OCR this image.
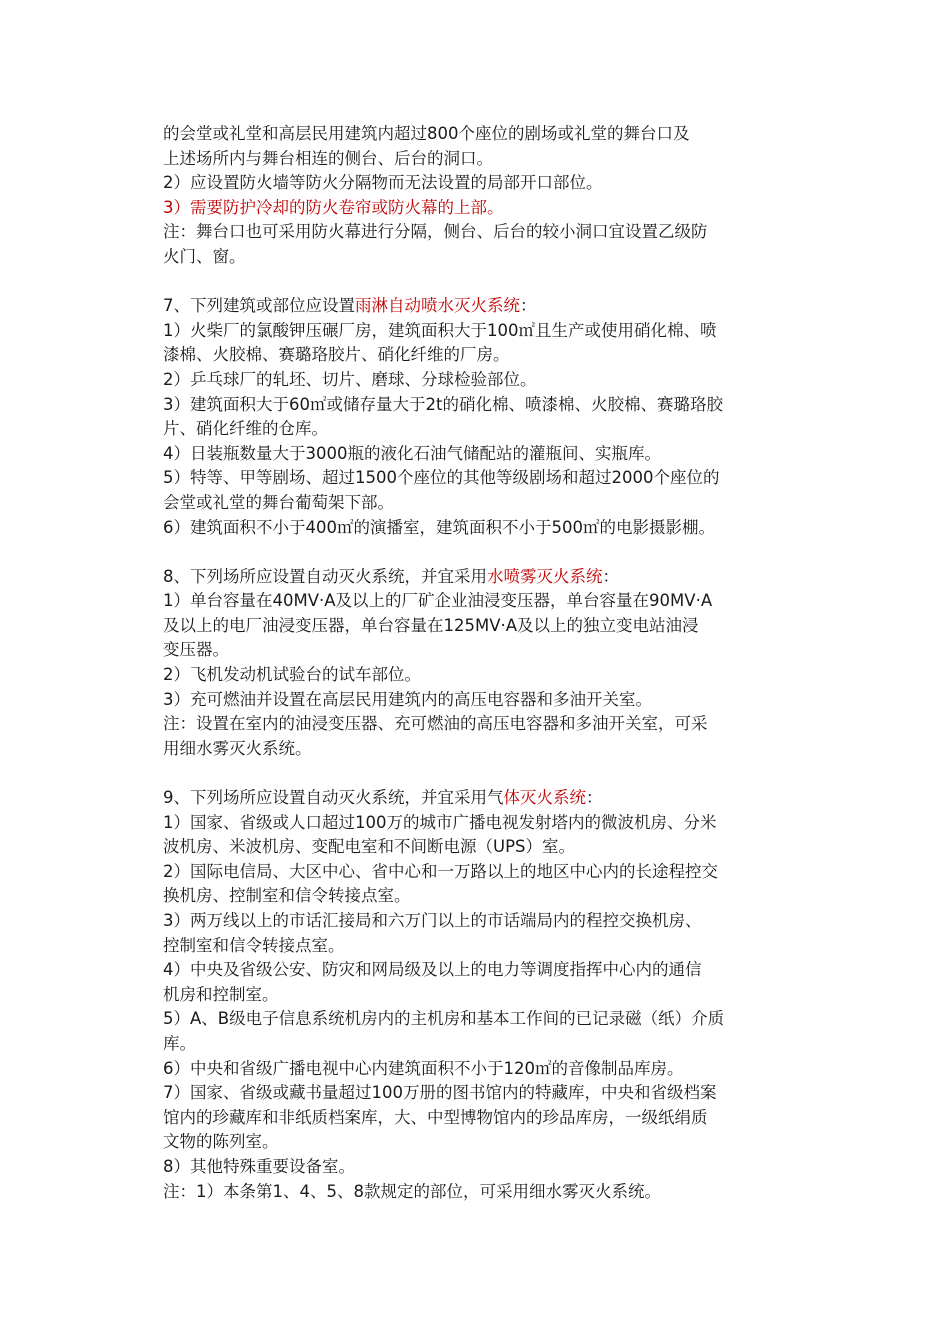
的会堂或礼堂和高层民用建筑内超过800个座位的剧场或礼堂的舞台口及
上述场所内与舞台相连的侧台、后台的洞口。
2）应设置防火墙等防火分隔物而无法设置的局部开口部位。
3）需要防护冷却的防火卷帘或防火幕的上部。
注：舞台口也可采用防火幕进行分隔，侧台、后台的较小洞口宜设置乙级防
火门、窗。
7、下列建筑或部位应设置雨淋自动喷水灭火系统：
1）火柴厂的氯酸钾压碾厂房，建筑面积大于100㎡且生产或使用硝化棉、喷
漆棉、火胶棉、赛璐珞胶片、硝化纤维的厂房。
2）乒乓球厂的轧坯、切片、磨球、分球检验部位。
3）建筑面积大于60㎡或储存量大于2t的硝化棉、喷漆棉、火胶棉、赛璐珞胶
片、硝化纤维的仓库。
4）日装瓶数量大于3000瓶的液化石油气储配站的灌瓶间、实瓶库。
5）特等、甲等剧场、超过1500个座位的其他等级剧场和超过2000个座位的
会堂或礼堂的舞台葡萄架下部。
6）建筑面积不小于400㎡的演播室，建筑面积不小于500㎡的电影摄影棚。
8、下列场所应设置自动灭火系统，并宜采用水喷雾灭火系统：
1）单台容量在40MV·A及以上的厂矿企业油浸变压器，单台容量在90MV·A
及以上的电厂油浸变压器，单台容量在125MV·A及以上的独立变电站油浸
变压器。
2）飞机发动机试验台的试车部位。
3）充可燃油并设置在高层民用建筑内的高压电容器和多油开关室。
注：设置在室内的油浸变压器、充可燃油的高压电容器和多油开关室，可采
用细水雾灭火系统。
9、下列场所应设置自动灭火系统，并宜采用气体灭火系统：
1）国家、省级或人口超过100万的城市广播电视发射塔内的微波机房、分米
波机房、米波机房、变配电室和不间断电源（UPS）室。
2）国际电信局、大区中心、省中心和一万路以上的地区中心内的长途程控交
换机房、控制室和信令转接点室。
3）两万线以上的市话汇接局和六万门以上的市话端局内的程控交换机房、
控制室和信令转接点室。
4）中央及省级公安、防灾和网局级及以上的电力等调度指挥中心内的通信
机房和控制室。
5）A、B级电子信息系统机房内的主机房和基本工作间的已记录磁（纸）介质
库。
6）中央和省级广播电视中心内建筑面积不小于120㎡的音像制品库房。
7）国家、省级或藏书量超过100万册的图书馆内的特藏库，中央和省级档案
馆内的珍藏库和非纸质档案库，大、中型博物馆内的珍品库房，一级纸绢质
文物的陈列室。
8）其他特殊重要设备室。
注：1）本条第1、4、5、8款规定的部位，可采用细水雾灭火系统。
